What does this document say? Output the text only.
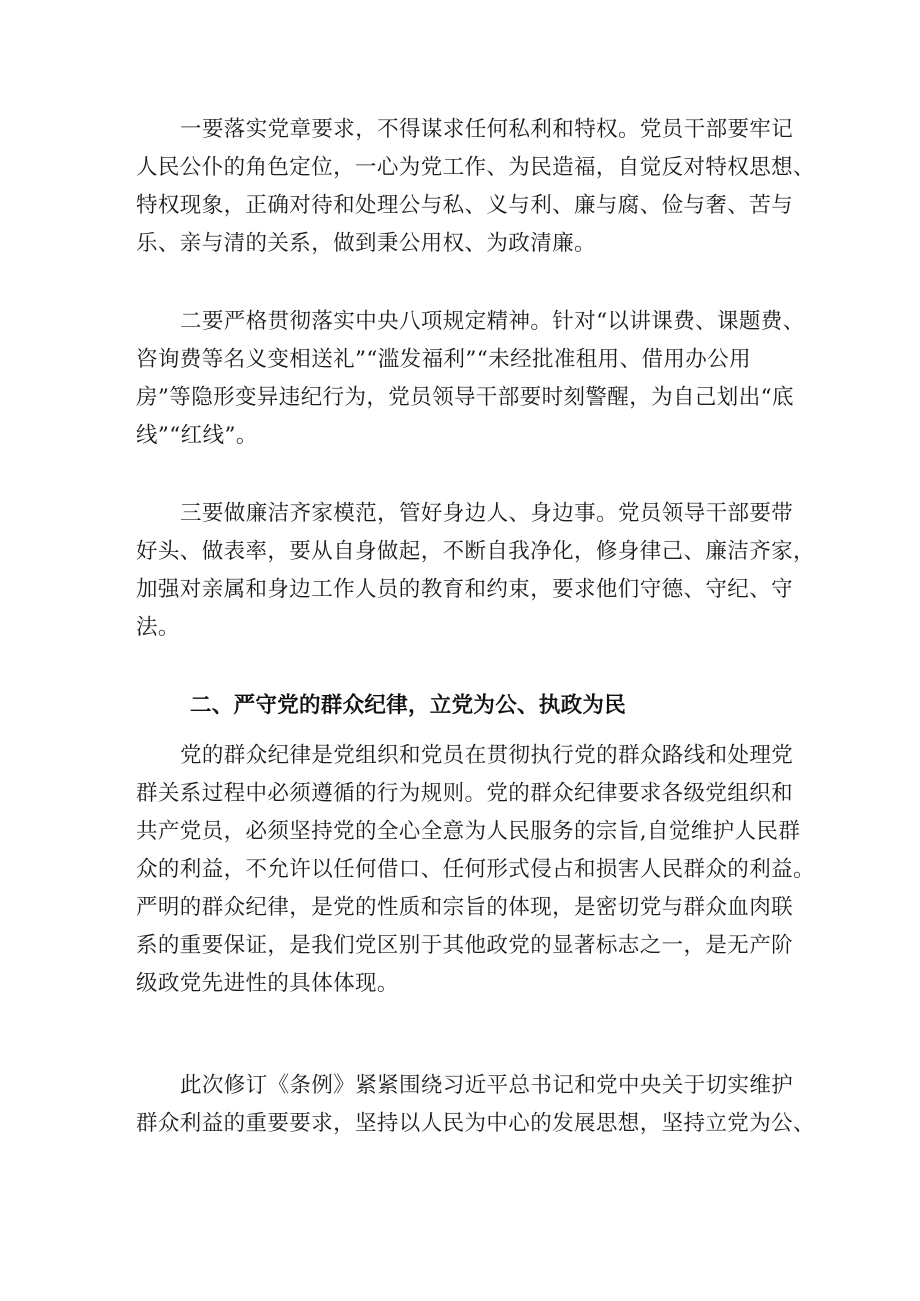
一要落实党章要求，不得谋求任何私利和特权。党员干部要牢记
人民公仆的角色定位，一心为党工作、为民造福，自觉反对特权思想、
特权现象，正确对待和处理公与私、义与利、廉与腐、俭与奢、苦与
乐、亲与清的关系，做到秉公用权、为政清廉。
二要严格贯彻落实中央八项规定精神。针对“以讲课费、课题费、
咨询费等名义变相送礼”“滥发福利”“未经批准租用、借用办公用
房”等隐形变异违纪行为，党员领导干部要时刻警醒，为自己划出“底
线”“红线”。
三要做廉洁齐家模范，管好身边人、身边事。党员领导干部要带
好头、做表率，要从自身做起，不断自我净化，修身律己、廉洁齐家，
加强对亲属和身边工作人员的教育和约束，要求他们守德、守纪、守
法。
二、严守党的群众纪律，立党为公、执政为民
党的群众纪律是党组织和党员在贯彻执行党的群众路线和处理党
群关系过程中必须遵循的行为规则。党的群众纪律要求各级党组织和
共产党员，必须坚持党的全心全意为人民服务的宗旨,自觉维护人民群
众的利益，不允许以任何借口、任何形式侵占和损害人民群众的利益。
严明的群众纪律，是党的性质和宗旨的体现，是密切党与群众血肉联
系的重要保证，是我们党区别于其他政党的显著标志之一，是无产阶
级政党先进性的具体体现。
此次修订《条例》紧紧围绕习近平总书记和党中央关于切实维护
群众利益的重要要求，坚持以人民为中心的发展思想，坚持立党为公、
